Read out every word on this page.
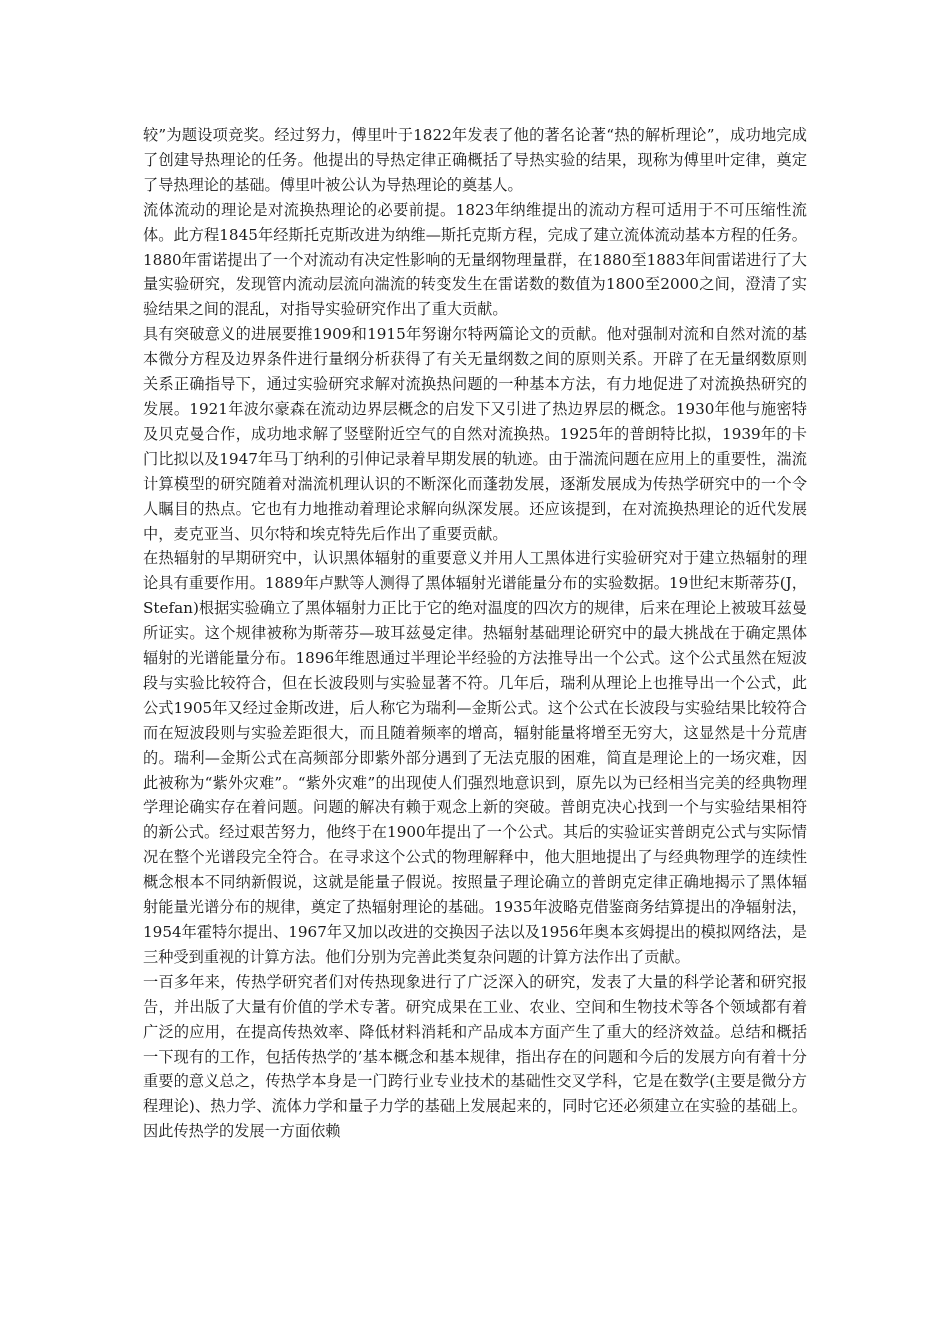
较”为题设项竞奖。经过努力，傅里叶于1822年发表了他的著名论著“热的解析理论”，成功地完成了创建导热理论的任务。他提出的导热定律正确概括了导热实验的结果，现称为傅里叶定律，奠定了导热理论的基础。傅里叶被公认为导热理论的奠基人。

流体流动的理论是对流换热理论的必要前提。1823年纳维提出的流动方程可适用于不可压缩性流体。此方程1845年经斯托克斯改进为纳维—斯托克斯方程，完成了建立流体流动基本方程的任务。1880年雷诺提出了一个对流动有决定性影响的无量纲物理量群，在1880至1883年间雷诺进行了大量实验研究，发现管内流动层流向湍流的转变发生在雷诺数的数值为1800至2000之间，澄清了实验结果之间的混乱，对指导实验研究作出了重大贡献。

具有突破意义的进展要推1909和1915年努谢尔特两篇论文的贡献。他对强制对流和自然对流的基本微分方程及边界条件进行量纲分析获得了有关无量纲数之间的原则关系。开辟了在无量纲数原则关系正确指导下，通过实验研究求解对流换热问题的一种基本方法，有力地促进了对流换热研究的发展。1921年波尔豪森在流动边界层概念的启发下又引进了热边界层的概念。1930年他与施密特及贝克曼合作，成功地求解了竖壁附近空气的自然对流换热。1925年的普朗特比拟，1939年的卡门比拟以及1947年马丁纳利的引伸记录着早期发展的轨迹。由于湍流问题在应用上的重要性，湍流计算模型的研究随着对湍流机理认识的不断深化而蓬勃发展，逐渐发展成为传热学研究中的一个令人瞩目的热点。它也有力地推动着理论求解向纵深发展。还应该提到，在对流换热理论的近代发展中，麦克亚当、贝尔特和埃克特先后作出了重要贡献。

在热辐射的早期研究中，认识黑体辐射的重要意义并用人工黑体进行实验研究对于建立热辐射的理论具有重要作用。1889年卢默等人测得了黑体辐射光谱能量分布的实验数据。19世纪末斯蒂芬(J，Stefan)根据实验确立了黑体辐射力正比于它的绝对温度的四次方的规律，后来在理论上被玻耳兹曼所证实。这个规律被称为斯蒂芬—玻耳兹曼定律。热辐射基础理论研究中的最大挑战在于确定黑体辐射的光谱能量分布。1896年维恩通过半理论半经验的方法推导出一个公式。这个公式虽然在短波段与实验比较符合，但在长波段则与实验显著不符。几年后，瑞利从理论上也推导出一个公式，此公式1905年又经过金斯改进，后人称它为瑞利—金斯公式。这个公式在长波段与实验结果比较符合而在短波段则与实验差距很大，而且随着频率的增高，辐射能量将增至无穷大，这显然是十分荒唐的。瑞利—金斯公式在高频部分即紫外部分遇到了无法克服的困难，简直是理论上的一场灾难，因此被称为“紫外灾难”。“紫外灾难”的出现使人们强烈地意识到，原先以为已经相当完美的经典物理学理论确实存在着问题。问题的解决有赖于观念上新的突破。普朗克决心找到一个与实验结果相符的新公式。经过艰苦努力，他终于在1900年提出了一个公式。其后的实验证实普朗克公式与实际情况在整个光谱段完全符合。在寻求这个公式的物理解释中，他大胆地提出了与经典物理学的连续性概念根本不同纳新假说，这就是能量子假说。按照量子理论确立的普朗克定律正确地揭示了黑体辐射能量光谱分布的规律，奠定了热辐射理论的基础。1935年波略克借鉴商务结算提出的净辐射法，1954年霍特尔提出、1967年又加以改进的交换因子法以及1956年奥本亥姆提出的模拟网络法，是三种受到重视的计算方法。他们分别为完善此类复杂问题的计算方法作出了贡献。

一百多年来，传热学研究者们对传热现象进行了广泛深入的研究，发表了大量的科学论著和研究报告，并出版了大量有价值的学术专著。研究成果在工业、农业、空间和生物技术等各个领域都有着广泛的应用，在提高传热效率、降低材料消耗和产品成本方面产生了重大的经济效益。总结和概括一下现有的工作，包括传热学的’基本概念和基本规律，指出存在的问题和今后的发展方向有着十分重要的意义总之，传热学本身是一门跨行业专业技术的基础性交叉学科，它是在数学(主要是微分方程理论)、热力学、流体力学和量子力学的基础上发展起来的，同时它还必须建立在实验的基础上。因此传热学的发展一方面依赖
